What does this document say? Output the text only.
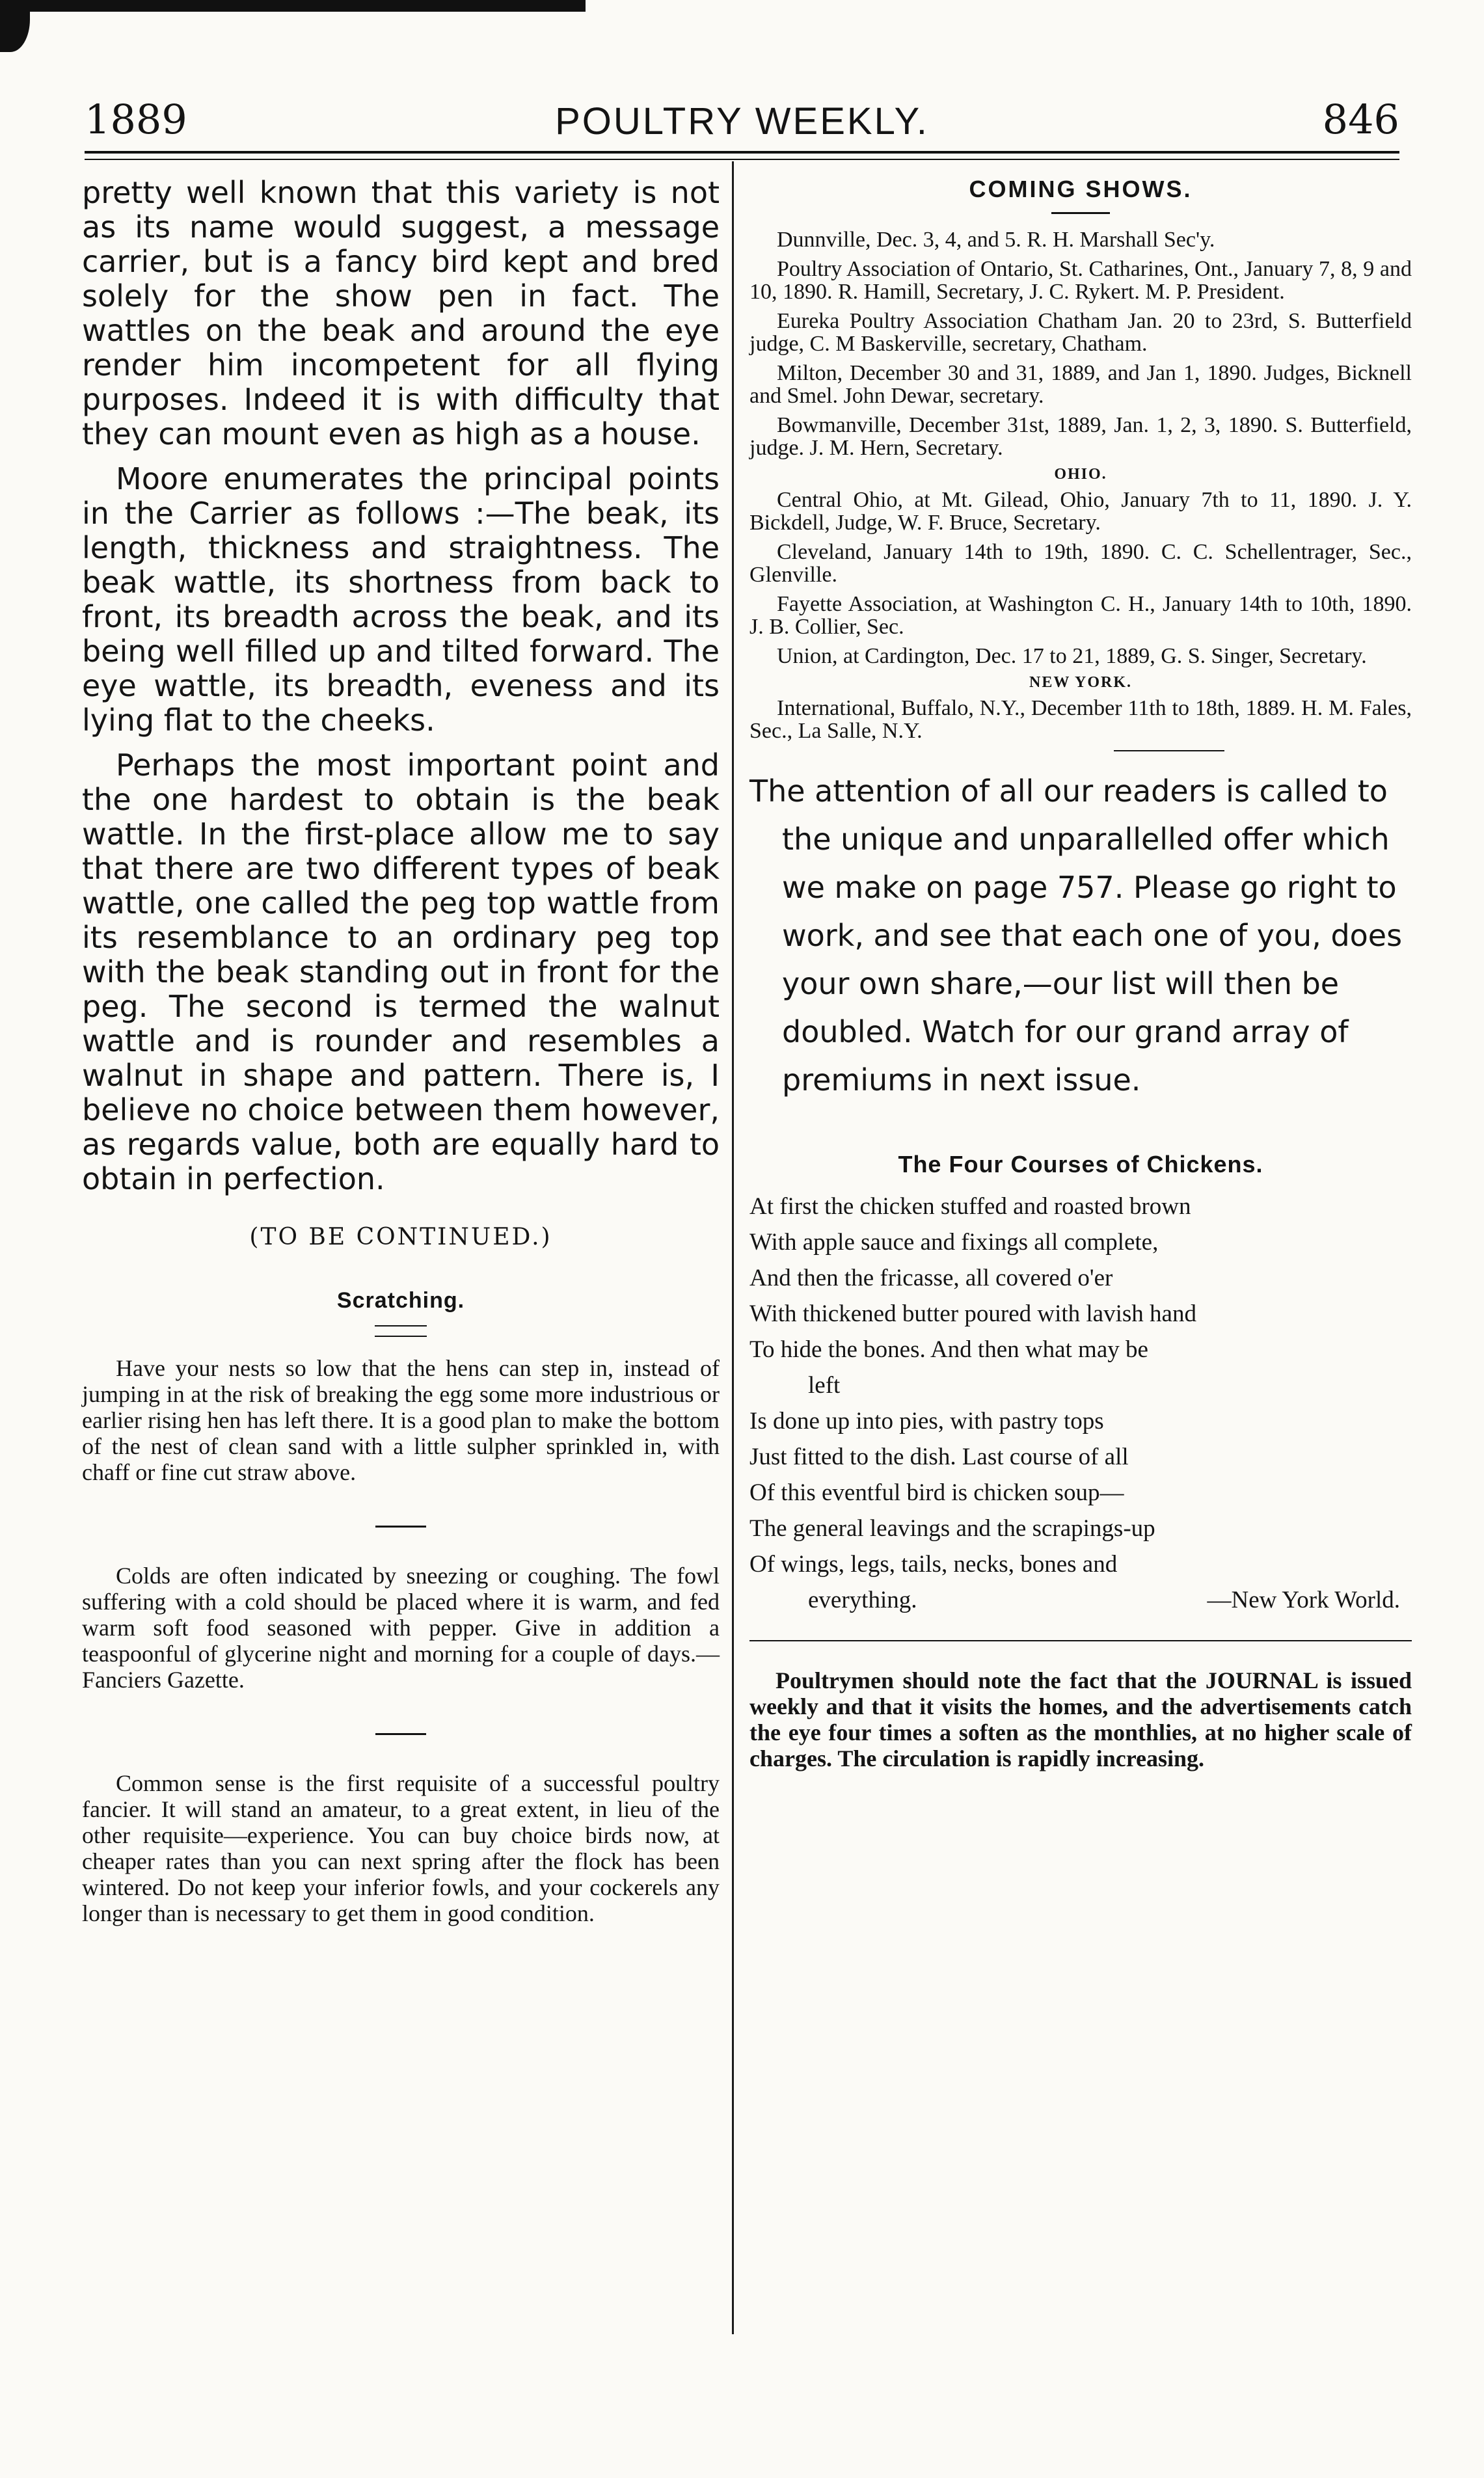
1889	POULTRY WEEKLY.	846

pretty well known that this variety is not as its name would suggest, a message carrier, but is a fancy bird kept and bred solely for the show pen in fact. The wattles on the beak and around the eye render him incompetent for all flying purposes. Indeed it is with difficulty that they can mount even as high as a house.

Moore enumerates the principal points in the Carrier as follows :—The beak, its length, thickness and straightness. The beak wattle, its shortness from back to front, its breadth across the beak, and its being well filled up and tilted forward. The eye wattle, its breadth, eveness and its lying flat to the cheeks.

Perhaps the most important point and the one hardest to obtain is the beak wattle. In the first-place allow me to say that there are two different types of beak wattle, one called the peg top wattle from its resemblance to an ordinary peg top with the beak standing out in front for the peg. The second is termed the walnut wattle and is rounder and resembles a walnut in shape and pattern. There is, I believe no choice between them however, as regards value, both are equally hard to obtain in perfection.

(TO BE CONTINUED.)

Scratching.

Have your nests so low that the hens can step in, instead of jumping in at the risk of breaking the egg some more industrious or earlier rising hen has left there. It is a good plan to make the bottom of the nest of clean sand with a little sulpher sprinkled in, with chaff or fine cut straw above.

Colds are often indicated by sneezing or coughing. The fowl suffering with a cold should be placed where it is warm, and fed warm soft food seasoned with pepper. Give in addition a teaspoonful of glycerine night and morning for a couple of days.—Fanciers Gazette.

Common sense is the first requisite of a successful poultry fancier. It will stand an amateur, to a great extent, in lieu of the other requisite—experience. You can buy choice birds now, at cheaper rates than you can next spring after the flock has been wintered. Do not keep your inferior fowls, and your cockerels any longer than is necessary to get them in good condition.

COMING SHOWS.

Dunnville, Dec. 3, 4, and 5. R. H. Marshall Sec'y.

Poultry Association of Ontario, St. Catharines, Ont., January 7, 8, 9 and 10, 1890. R. Hamill, Secretary, J. C. Rykert. M. P. President.

Eureka Poultry Association Chatham Jan. 20 to 23rd, S. Butterfield judge, C. M Baskerville, secretary, Chatham.

Milton, December 30 and 31, 1889, and Jan 1, 1890. Judges, Bicknell and Smel. John Dewar, secretary.

Bowmanville, December 31st, 1889, Jan. 1, 2, 3, 1890. S. Butterfield, judge. J. M. Hern, Secretary.

OHIO.

Central Ohio, at Mt. Gilead, Ohio, January 7th to 11, 1890. J. Y. Bickdell, Judge, W. F. Bruce, Secretary.

Cleveland, January 14th to 19th, 1890. C. C. Schellentrager, Sec., Glenville.

Fayette Association, at Washington C. H., January 14th to 10th, 1890. J. B. Collier, Sec.

Union, at Cardington, Dec. 17 to 21, 1889, G. S. Singer, Secretary.

NEW YORK.

International, Buffalo, N.Y., December 11th to 18th, 1889. H. M. Fales, Sec., La Salle, N.Y.

The attention of all our readers is called to the unique and unparallelled offer which we make on page 757. Please go right to work, and see that each one of you, does your own share,—our list will then be doubled. Watch for our grand array of premiums in next issue.

The Four Courses of Chickens.

At first the chicken stuffed and roasted brown

With apple sauce and fixings all complete,

And then the fricasse, all covered o'er

With thickened butter poured with lavish hand

To hide the bones. And then what may be

left

Is done up into pies, with pastry tops

Just fitted to the dish. Last course of all

Of this eventful bird is chicken soup—

The general leavings and the scrapings-up

Of wings, legs, tails, necks, bones and

everything.	—New York World.

Poultrymen should note the fact that the JOURNAL is issued weekly and that it visits the homes, and the advertisements catch the eye four times a soften as the monthlies, at no higher scale of charges. The circulation is rapidly increasing.
